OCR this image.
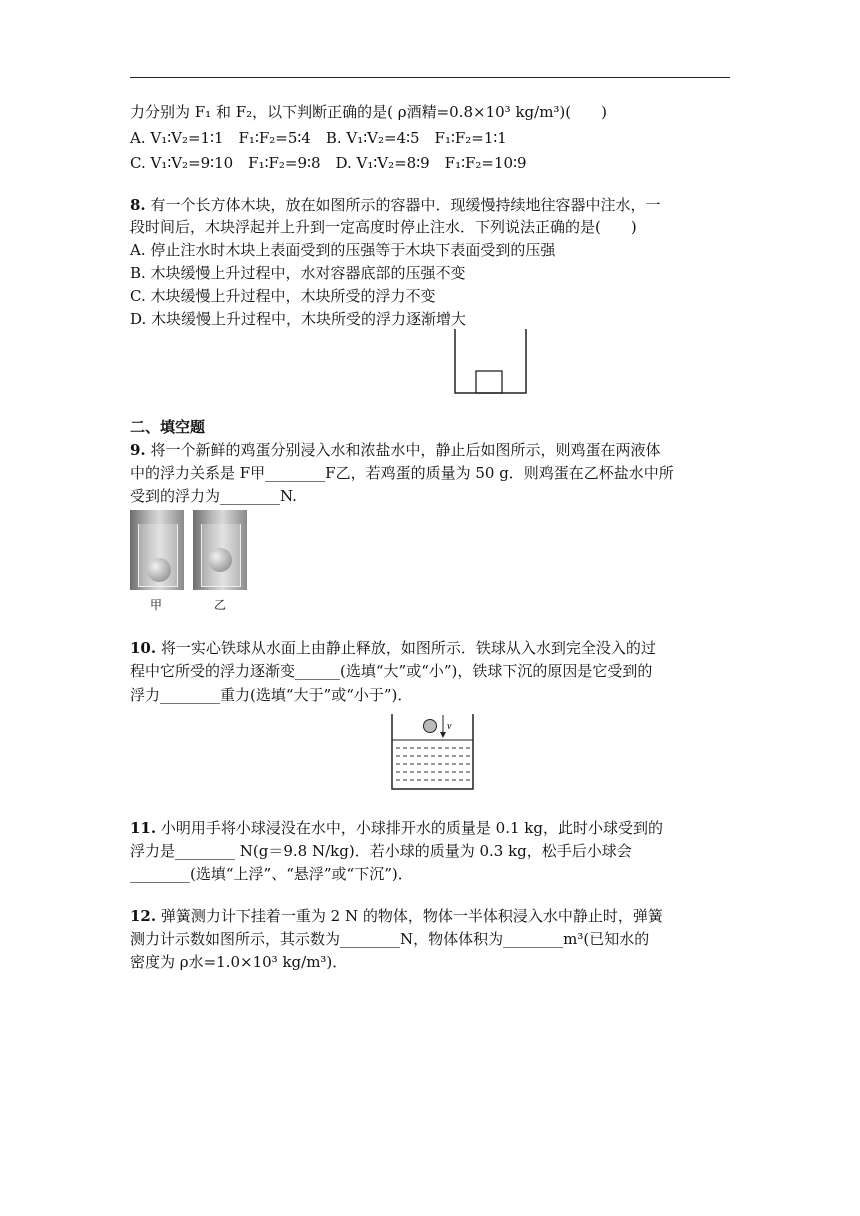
力分别为 F₁ 和 F₂，以下判断正确的是( ρ酒精=0.8×10³ kg/m³)(　　)
A. V₁∶V₂=1∶1　F₁∶F₂=5∶4　B. V₁∶V₂=4∶5　F₁∶F₂=1∶1
C. V₁∶V₂=9∶10　F₁∶F₂=9∶8　D. V₁∶V₂=8∶9　F₁∶F₂=10∶9
8. 有一个长方体木块，放在如图所示的容器中．现缓慢持续地往容器中注水，一
段时间后，木块浮起并上升到一定高度时停止注水．下列说法正确的是(　　)
A. 停止注水时木块上表面受到的压强等于木块下表面受到的压强
B. 木块缓慢上升过程中，水对容器底部的压强不变
C. 木块缓慢上升过程中，木块所受的浮力不变
D. 木块缓慢上升过程中，木块所受的浮力逐渐增大
二、填空题
9. 将一个新鲜的鸡蛋分别浸入水和浓盐水中，静止后如图所示，则鸡蛋在两液体
中的浮力关系是 F甲________F乙，若鸡蛋的质量为 50 g．则鸡蛋在乙杯盐水中所
受到的浮力为________N.
甲	乙
10. 将一实心铁球从水面上由静止释放，如图所示．铁球从入水到完全没入的过
程中它所受的浮力逐渐变______(选填“大”或“小”)，铁球下沉的原因是它受到的
浮力________重力(选填“大于”或“小于”)．
v
11. 小明用手将小球浸没在水中，小球排开水的质量是 0.1 kg，此时小球受到的
浮力是________ N(g＝9.8 N/kg)．若小球的质量为 0.3 kg，松手后小球会
________(选填“上浮”、“悬浮”或“下沉”)．
12. 弹簧测力计下挂着一重为 2 N 的物体，物体一半体积浸入水中静止时，弹簧
测力计示数如图所示，其示数为________N，物体体积为________m³(已知水的
密度为 ρ水=1.0×10³ kg/m³)．
